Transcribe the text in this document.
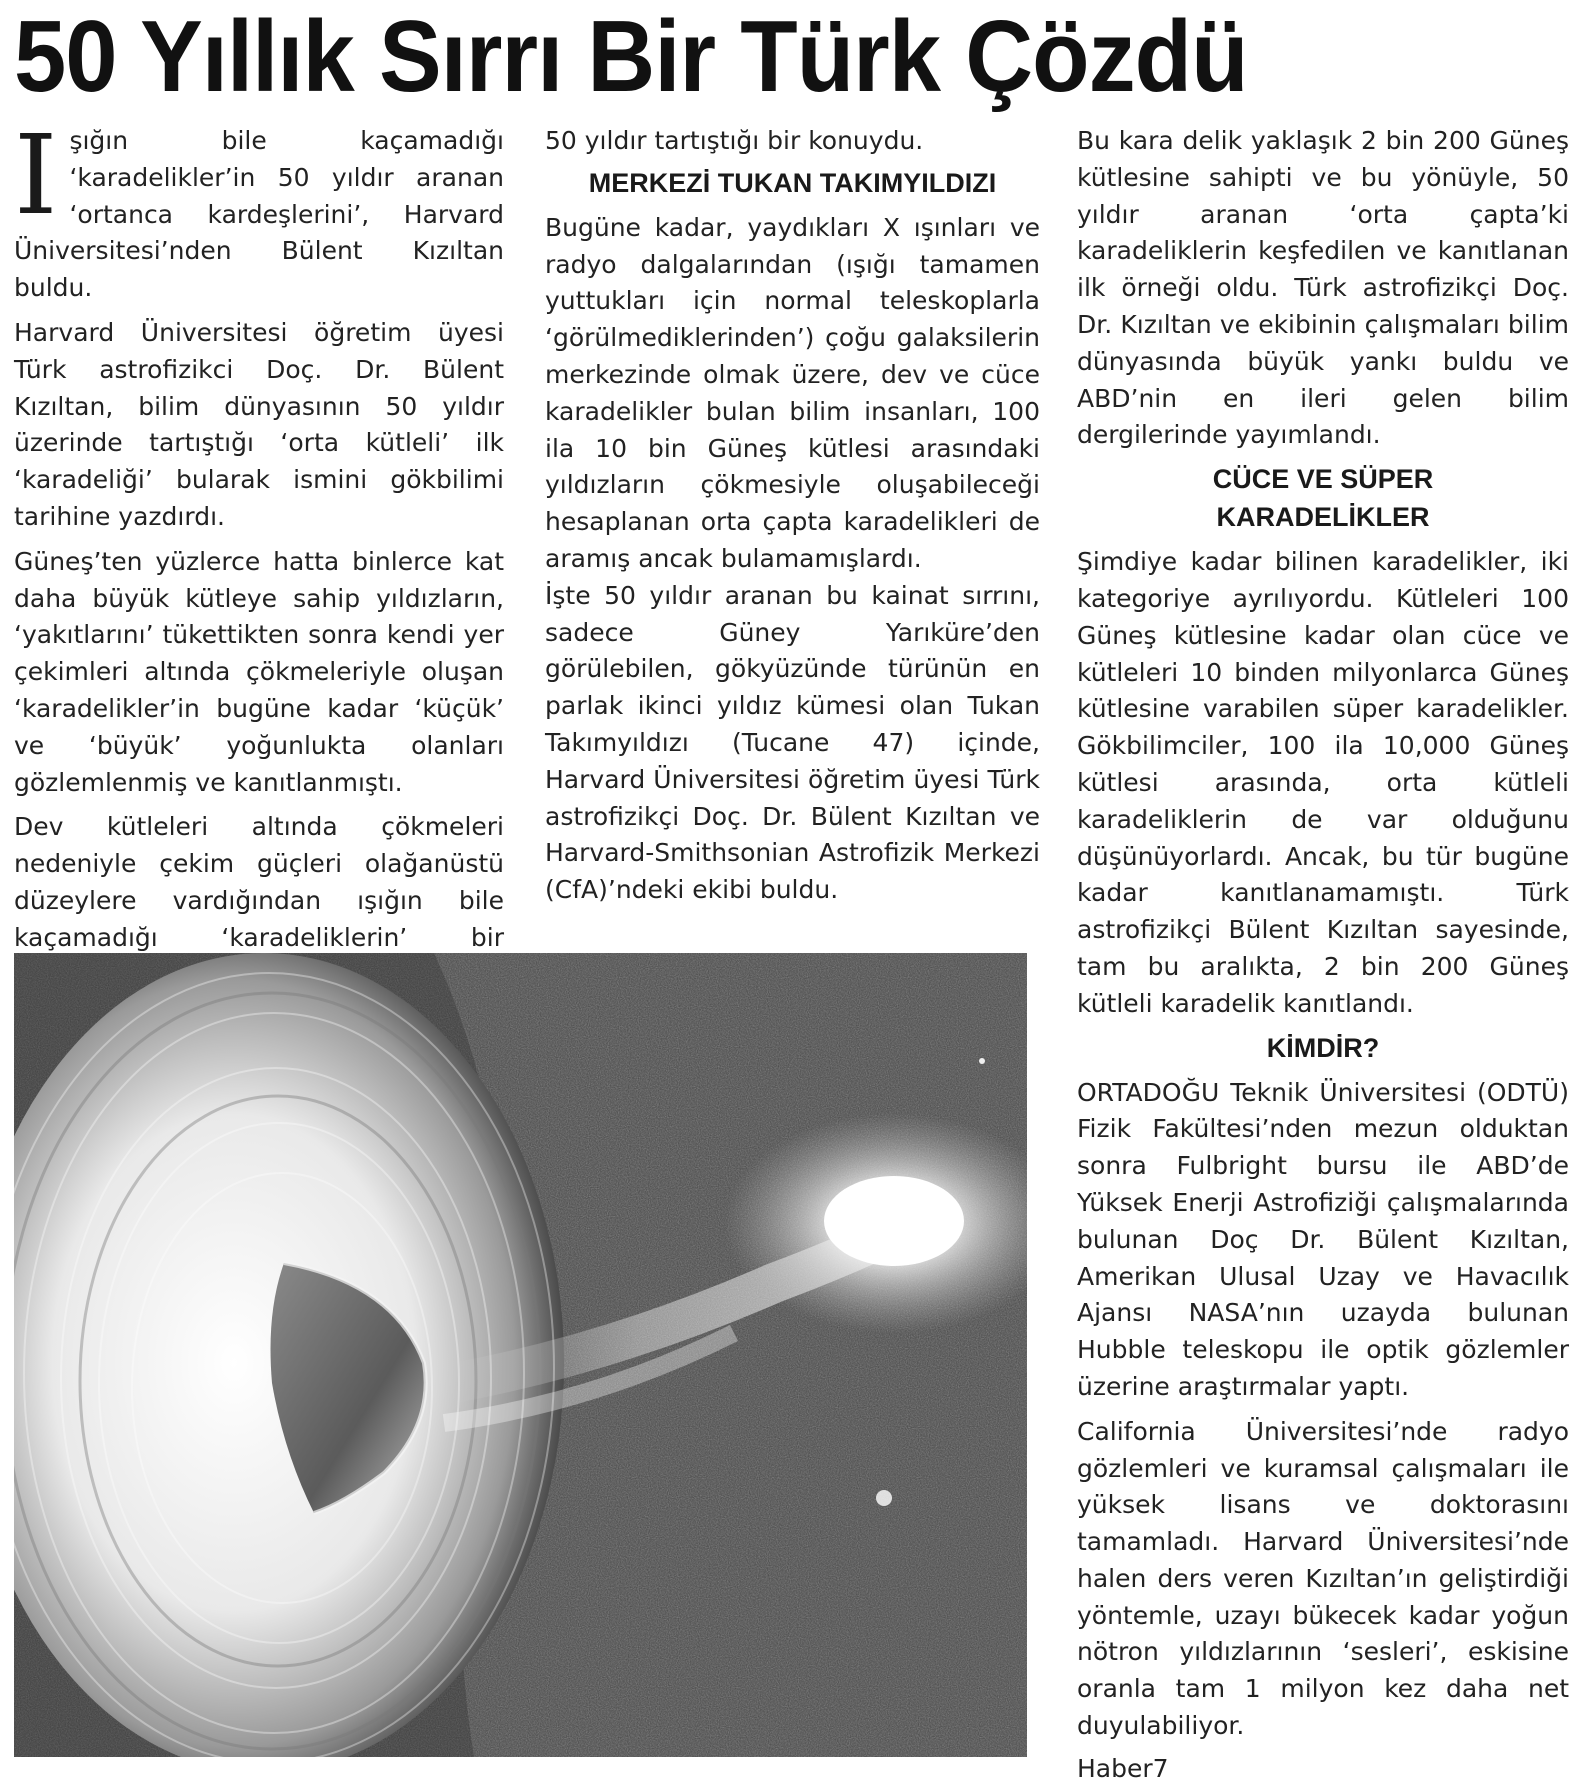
50 Yıllık Sırrı Bir Türk Çözdü

Işığın bile kaçamadığı ‘karadelikler’in 50 yıldır aranan ‘ortanca kardeşlerini’, Harvard Üniversitesi’nden Bülent Kızıltan buldu.

Harvard Üniversitesi öğretim üyesi Türk astrofizikci Doç. Dr. Bülent Kızıltan, bilim dünyasının 50 yıldır üzerinde tartıştığı ‘orta kütleli’ ilk ‘karadeliği’ bularak ismini gökbilimi tarihine yazdırdı.

Güneş’ten yüzlerce hatta binlerce kat daha büyük kütleye sahip yıldızların, ‘yakıtlarını’ tükettikten sonra kendi yer çekimleri altında çökmeleriyle oluşan ‘karadelikler’in bugüne kadar ‘küçük’ ve ‘büyük’ yoğunlukta olanları gözlemlenmiş ve kanıtlanmıştı.

Dev kütleleri altında çökmeleri nedeniyle çekim güçleri olağanüstü düzeylere vardığından ışığın bile kaçamadığı ‘karadeliklerin’ bir

50 yıldır tartıştığı bir konuydu.

MERKEZİ TUKAN TAKIMYILDIZI

Bugüne kadar, yaydıkları X ışınları ve radyo dalgalarından (ışığı tamamen yuttukları için normal teleskoplarla ‘görülmediklerinden’) çoğu galaksilerin merkezinde olmak üzere, dev ve cüce karadelikler bulan bilim insanları, 100 ila 10 bin Güneş kütlesi arasındaki yıldızların çökmesiyle oluşabileceği hesaplanan orta çapta karadelikleri de aramış ancak bulamamışlardı.

İşte 50 yıldır aranan bu kainat sırrını, sadece Güney Yarıküre’den görülebilen, gökyüzünde türünün en parlak ikinci yıldız kümesi olan Tukan Takımyıldızı (Tucane 47) içinde, Harvard Üniversitesi öğretim üyesi Türk astrofizikçi Doç. Dr. Bülent Kızıltan ve Harvard-Smithsonian Astrofizik Merkezi (CfA)’ndeki ekibi buldu.

Bu kara delik yaklaşık 2 bin 200 Güneş kütlesine sahipti ve bu yönüyle, 50 yıldır aranan ‘orta çapta’ki karadeliklerin keşfedilen ve kanıtlanan ilk örneği oldu. Türk astrofizikçi Doç. Dr. Kızıltan ve ekibinin çalışmaları bilim dünyasında büyük yankı buldu ve ABD’nin en ileri gelen bilim dergilerinde yayımlandı.

CÜCE VE SÜPER
KARADELİKLER

Şimdiye kadar bilinen karadelikler, iki kategoriye ayrılıyordu. Kütleleri 100 Güneş kütlesine kadar olan cüce ve kütleleri 10 binden milyonlarca Güneş kütlesine varabilen süper karadelikler. Gökbilimciler, 100 ila 10,000 Güneş kütlesi arasında, orta kütleli karadeliklerin de var olduğunu düşünüyorlardı. Ancak, bu tür bugüne kadar kanıtlanamamıştı. Türk astrofizikçi Bülent Kızıltan sayesinde, tam bu aralıkta, 2 bin 200 Güneş kütleli karadelik kanıtlandı.

KİMDİR?

ORTADOĞU Teknik Üniversitesi (ODTÜ) Fizik Fakültesi’nden mezun olduktan sonra Fulbright bursu ile ABD’de Yüksek Enerji Astrofiziği çalışmalarında bulunan Doç Dr. Bülent Kızıltan, Amerikan Ulusal Uzay ve Havacılık Ajansı NASA’nın uzayda bulunan Hubble teleskopu ile optik gözlemler üzerine araştırmalar yaptı.

California Üniversitesi’nde radyo gözlemleri ve kuramsal çalışmaları ile yüksek lisans ve doktorasını tamamladı. Harvard Üniversitesi’nde halen ders veren Kızıltan’ın geliştirdiği yöntemle, uzayı bükecek kadar yoğun nötron yıldızlarının ‘sesleri’, eskisine oranla tam 1 milyon kez daha net duyulabiliyor.

Haber7
